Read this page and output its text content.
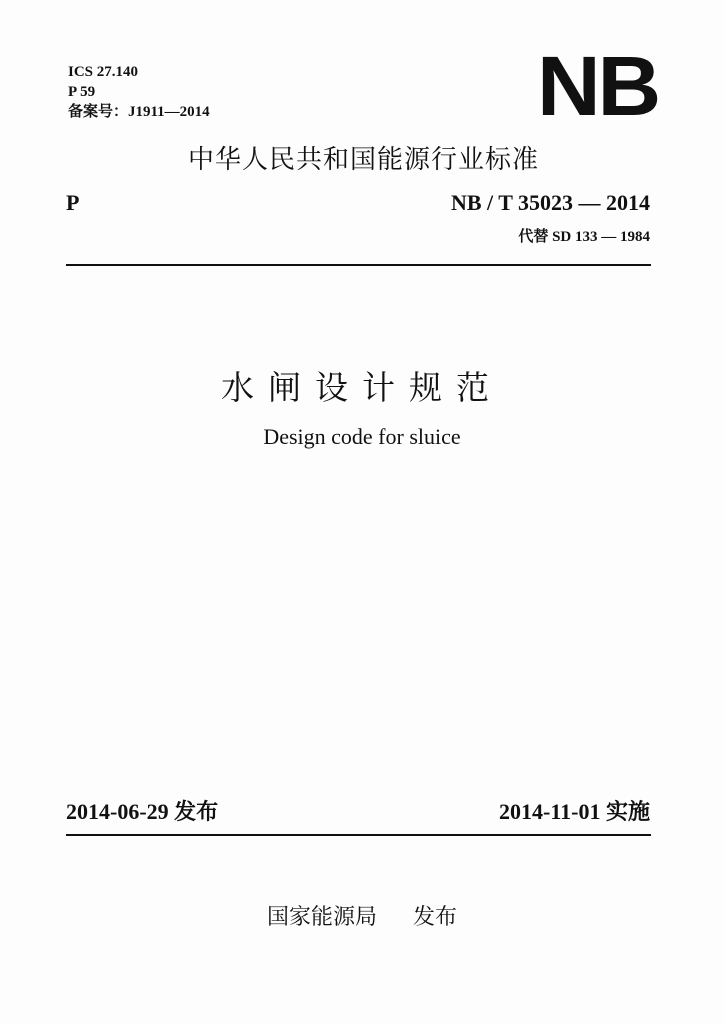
ICS 27.140
P 59
备案号：J1911—2014	NB
中华人民共和国能源行业标准
P	NB / T 35023 — 2014
代替 SD 133 — 1984
水闸设计规范
Design code for sluice
2014-06-29 发布	2014-11-01 实施
国家能源局 发布
